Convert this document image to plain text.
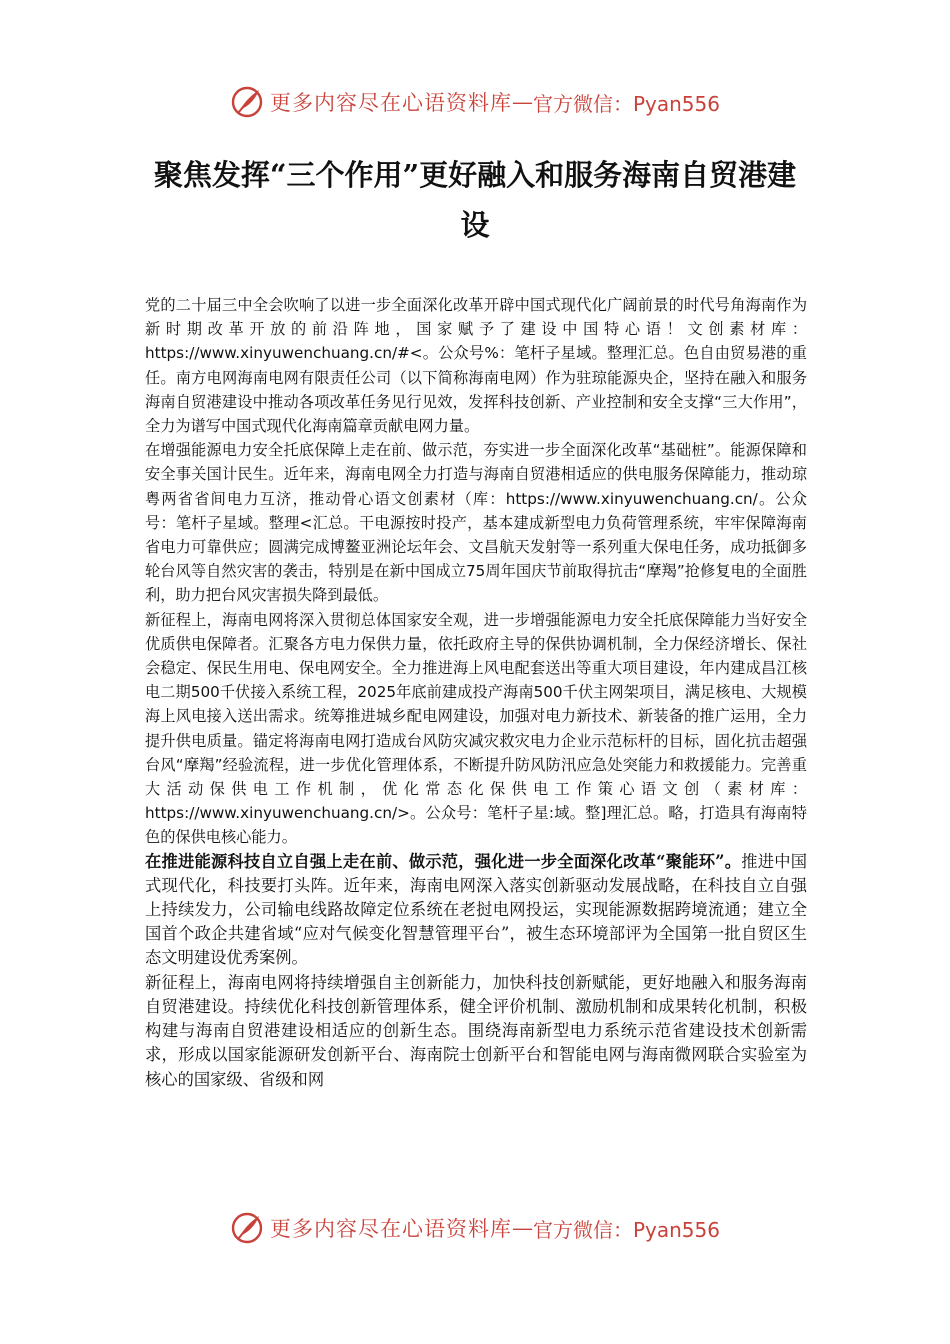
更多内容尽在心语资料库 — 官方微信：Pyan556
聚焦发挥“三个作用”更好融入和服务海南自贸港建设

党的二十届三中全会吹响了以进一步全面深化改革开辟中国式现代化广阔前景的时代号角海南作为新时期改革开放的前沿阵地，国家赋予了建设中国特心语！文创素材库：https://www.xinyuwenchuang.cn/#<。公众号%：笔杆子星域。整理汇总。色自由贸易港的重任。南方电网海南电网有限责任公司（以下简称海南电网）作为驻琼能源央企，坚持在融入和服务海南自贸港建设中推动各项改革任务见行见效，发挥科技创新、产业控制和安全支撑“三大作用”，全力为谱写中国式现代化海南篇章贡献电网力量。

在增强能源电力安全托底保障上走在前、做示范，夯实进一步全面深化改革“基础桩”。能源保障和安全事关国计民生。近年来，海南电网全力打造与海南自贸港相适应的供电服务保障能力，推动琼粤两省省间电力互济，推动骨心语文创素材（库：https://www.xinyuwenchuang.cn/。公众号：笔杆子星域。整理<汇总。干电源按时投产，基本建成新型电力负荷管理系统，牢牢保障海南省电力可靠供应；圆满完成博鳌亚洲论坛年会、文昌航天发射等一系列重大保电任务，成功抵御多轮台风等自然灾害的袭击，特别是在新中国成立75周年国庆节前取得抗击“摩羯”抢修复电的全面胜利，助力把台风灾害损失降到最低。

新征程上，海南电网将深入贯彻总体国家安全观，进一步增强能源电力安全托底保障能力当好安全优质供电保障者。汇聚各方电力保供力量，依托政府主导的保供协调机制，全力保经济增长、保社会稳定、保民生用电、保电网安全。全力推进海上风电配套送出等重大项目建设，年内建成昌江核电二期500千伏接入系统工程，2025年底前建成投产海南500千伏主网架项目，满足核电、大规模海上风电接入送出需求。统筹推进城乡配电网建设，加强对电力新技术、新装备的推广运用，全力提升供电质量。锚定将海南电网打造成台风防灾减灾救灾电力企业示范标杆的目标，固化抗击超强台风“摩羯”经验流程，进一步优化管理体系，不断提升防风防汛应急处突能力和救援能力。完善重大活动保供电工作机制，优化常态化保供电工作策心语文创（素材库：https://www.xinyuwenchuang.cn/>。公众号：笔杆子星:域。整]理汇总。略，打造具有海南特色的保供电核心能力。

在推进能源科技自立自强上走在前、做示范，强化进一步全面深化改革“聚能环”。推进中国式现代化，科技要打头阵。近年来，海南电网深入落实创新驱动发展战略，在科技自立自强上持续发力，公司输电线路故障定位系统在老挝电网投运，实现能源数据跨境流通；建立全国首个政企共建省域“应对气候变化智慧管理平台”，被生态环境部评为全国第一批自贸区生态文明建设优秀案例。

新征程上，海南电网将持续增强自主创新能力，加快科技创新赋能，更好地融入和服务海南自贸港建设。持续优化科技创新管理体系，健全评价机制、激励机制和成果转化机制，积极构建与海南自贸港建设相适应的创新生态。围绕海南新型电力系统示范省建设技术创新需求，形成以国家能源研发创新平台、海南院士创新平台和智能电网与海南微网联合实验室为核心的国家级、省级和网

更多内容尽在心语资料库 — 官方微信：Pyan556
